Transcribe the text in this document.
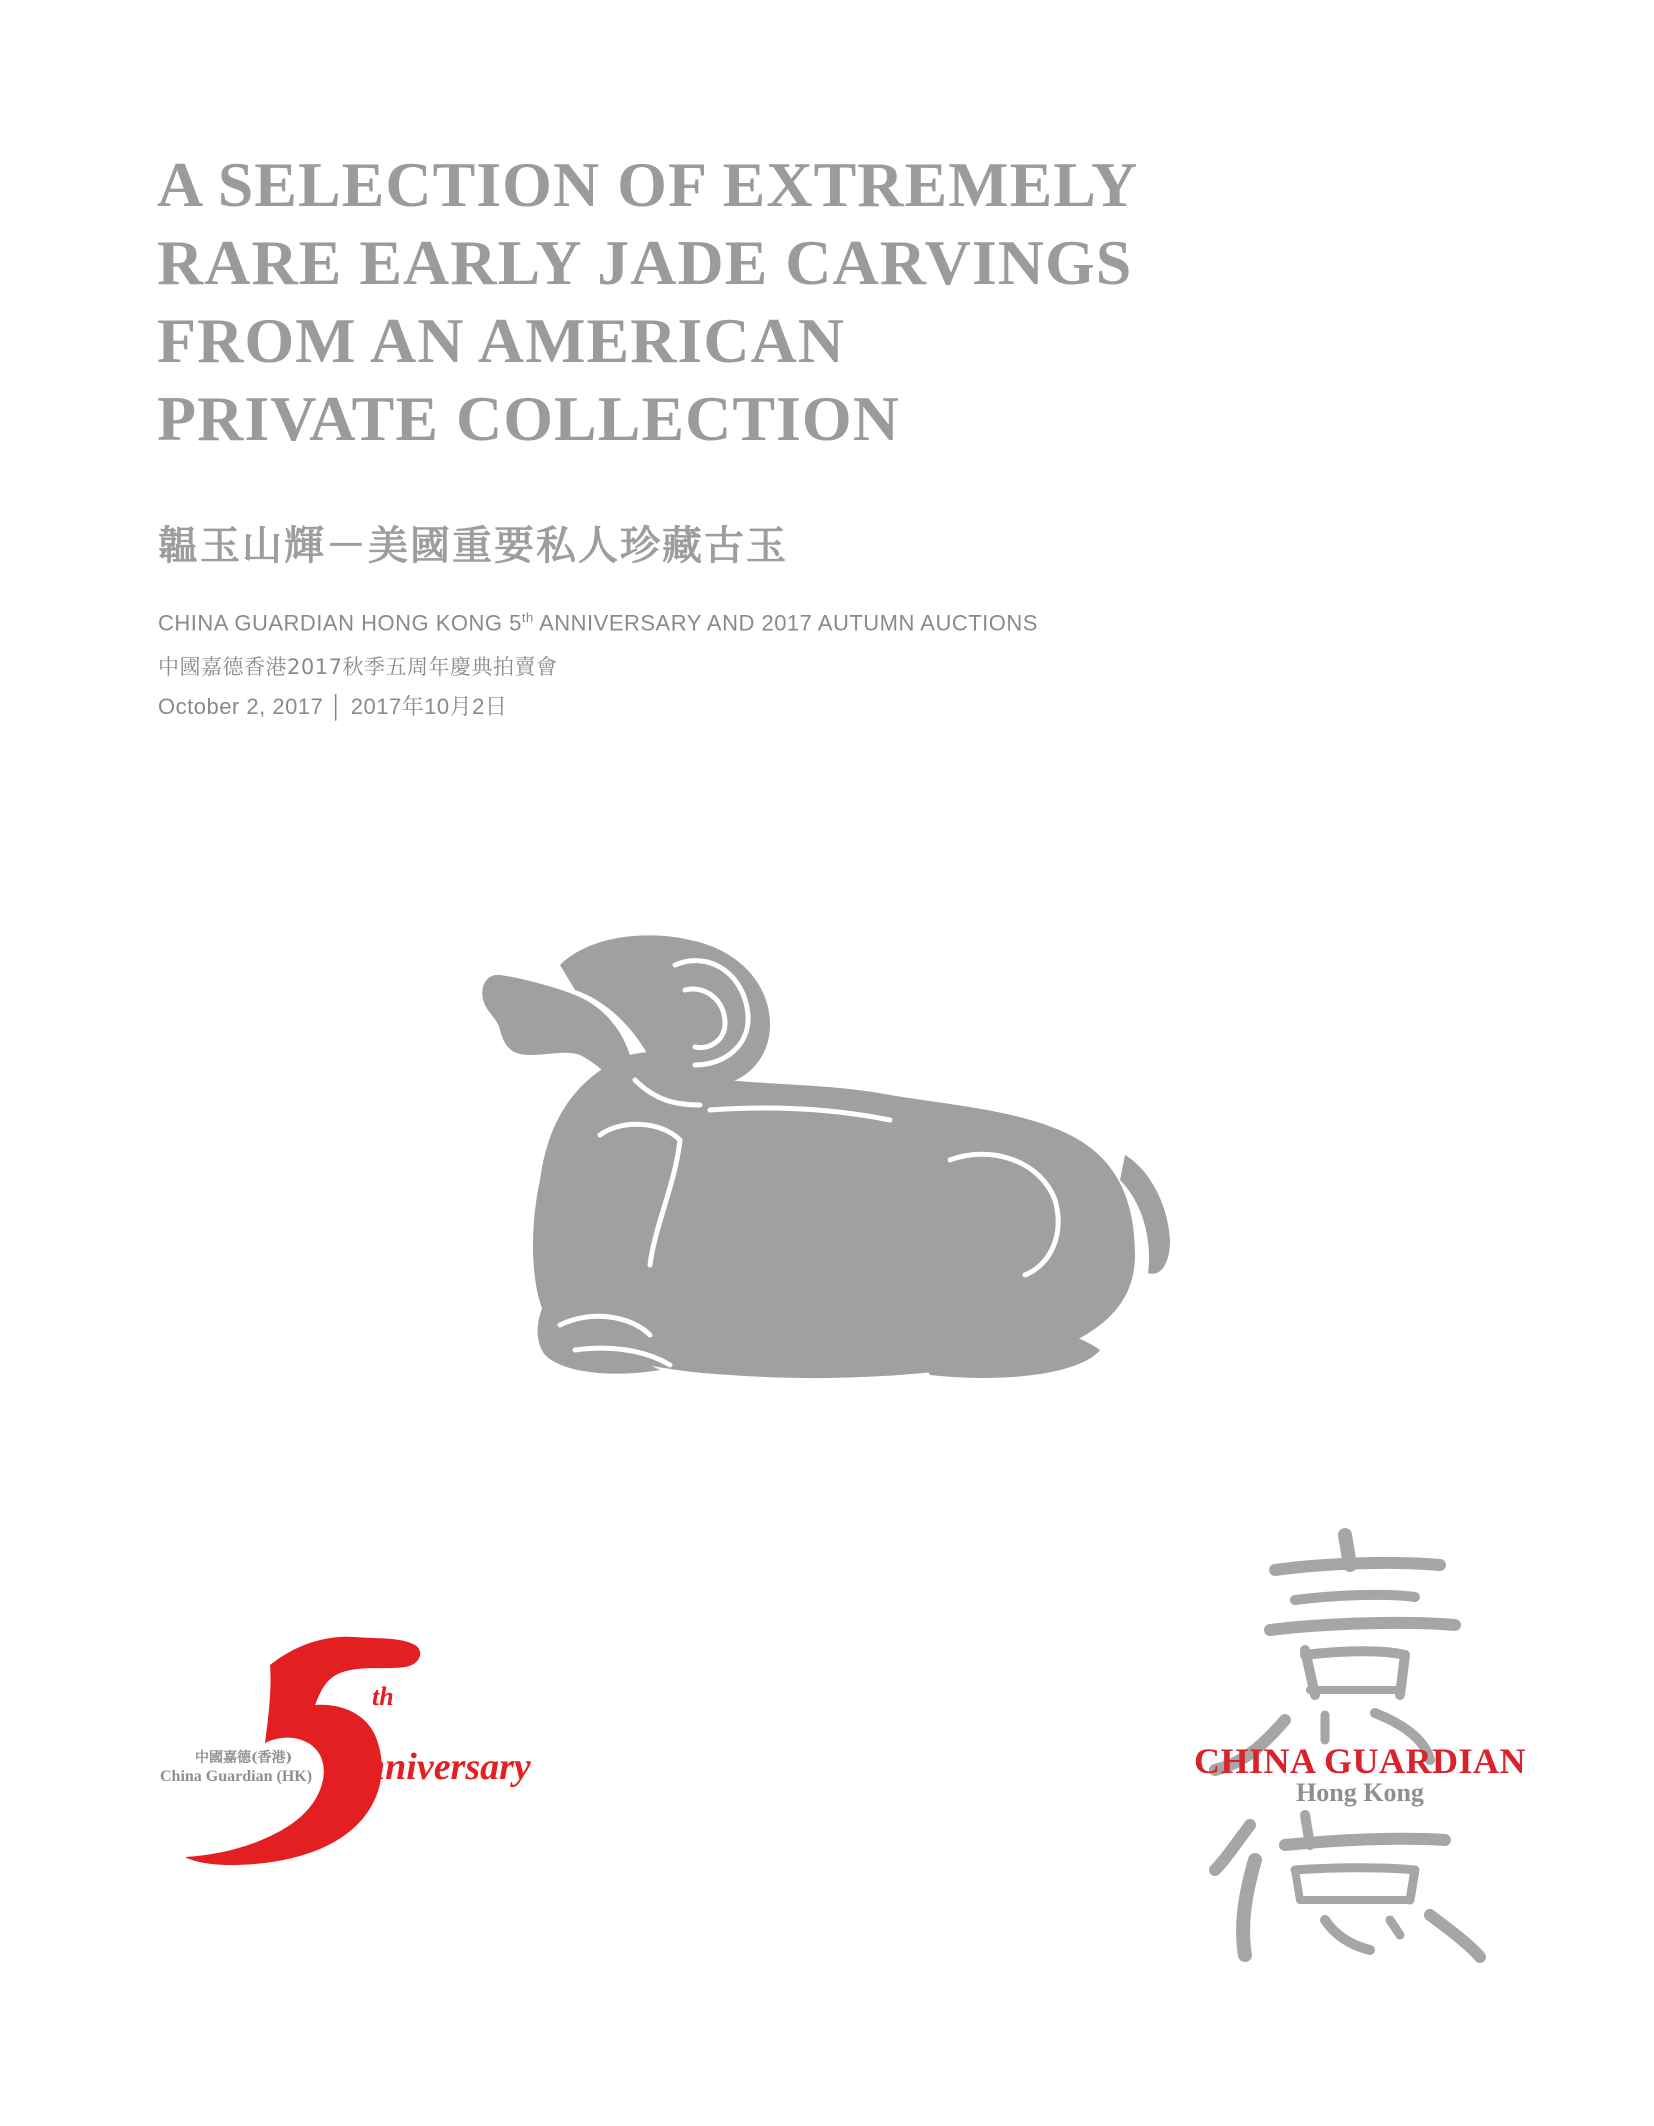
A SELECTION OF EXTREMELY
RARE EARLY JADE CARVINGS
FROM AN AMERICAN
PRIVATE COLLECTION
韞玉山輝－美國重要私人珍藏古玉
CHINA GUARDIAN HONG KONG 5th ANNIVERSARY AND 2017 AUTUMN AUCTIONS
中國嘉德香港2017秋季五周年慶典拍賣會
October 2, 2017 │ 2017年10月2日
th
nniversary
中國嘉德(香港)
China Guardian (HK)	CHINA GUARDIAN
Hong Kong
